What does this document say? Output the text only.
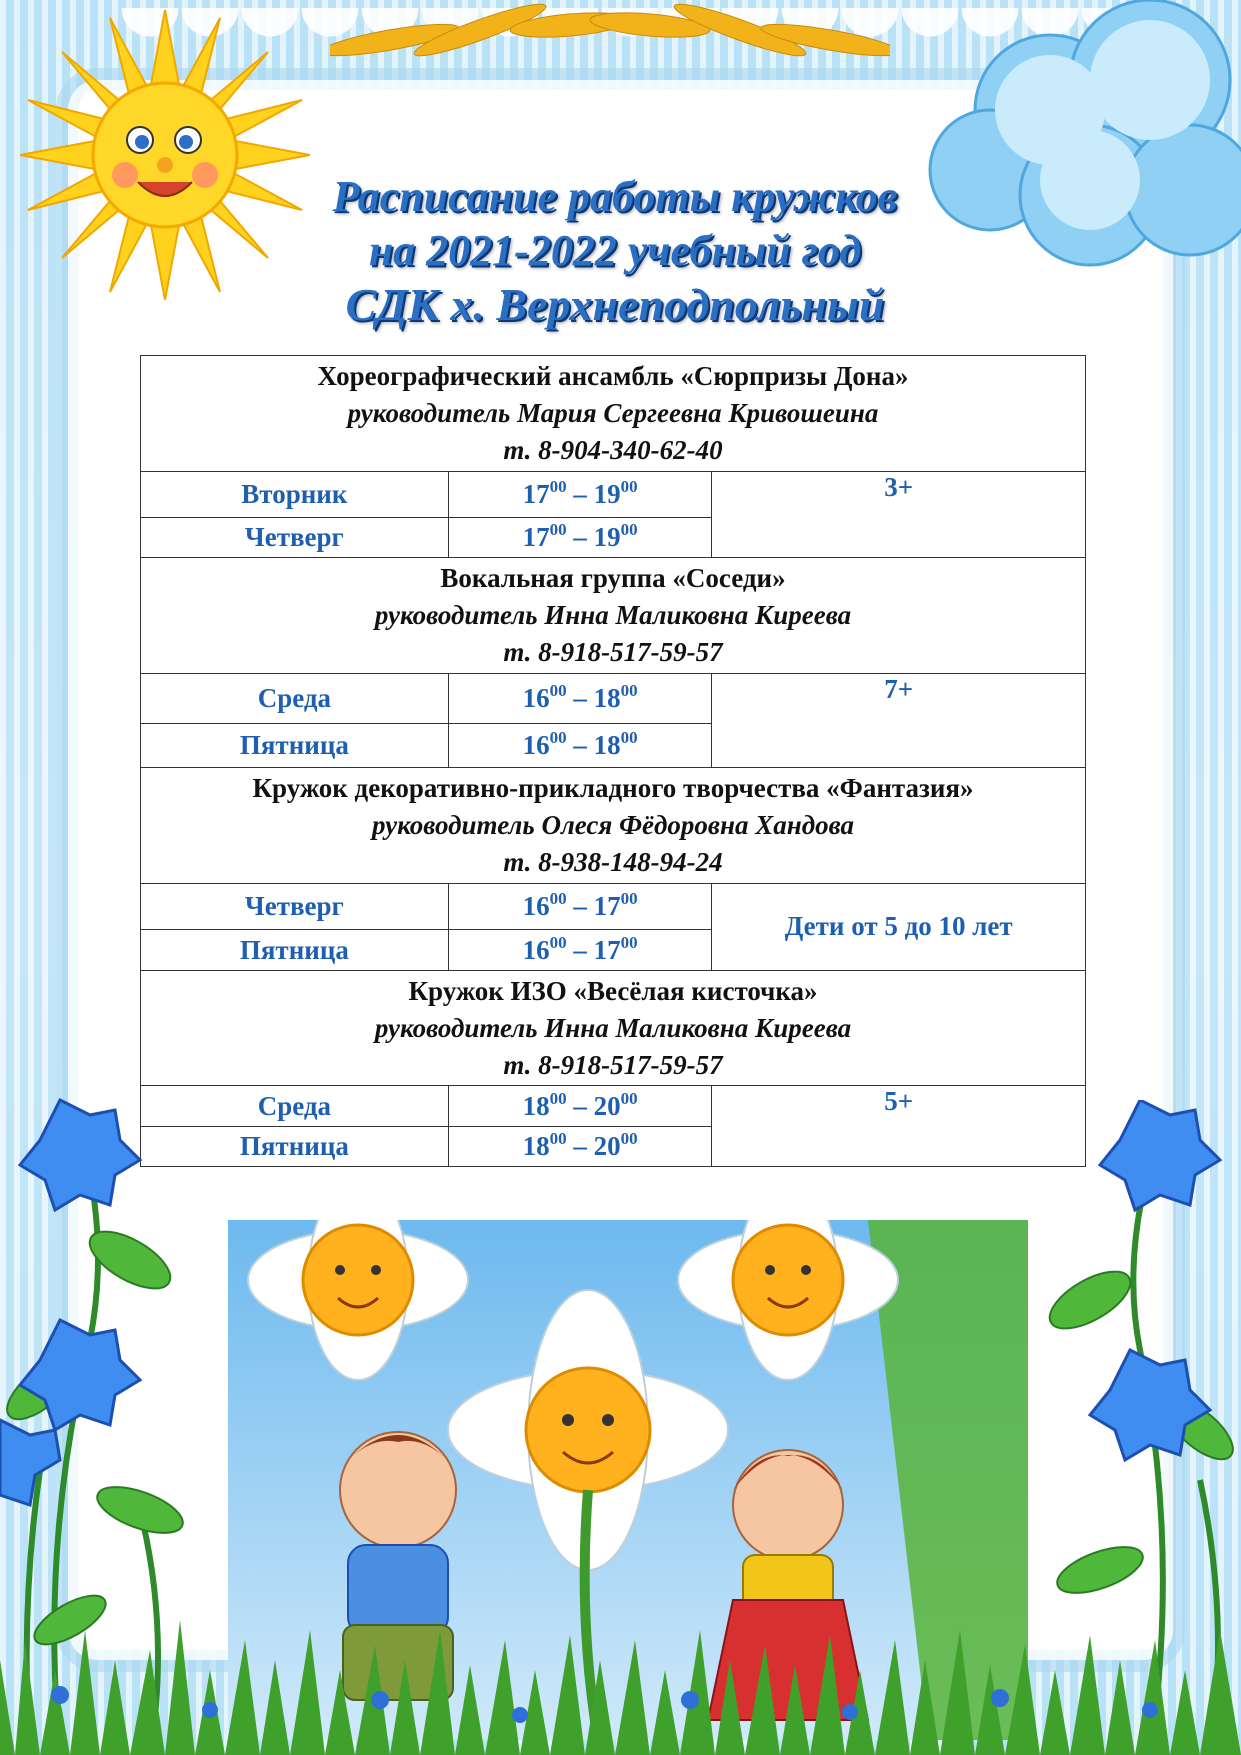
Расписание работы кружков
на 2021-2022 учебный год
СДК х. Верхнеподпольный
Хореографический ансамбль «Сюрпризы Дона»
руководитель Мария Сергеевна Кривошеина
т. 8-904-340-62-40		

Вторник	$17^{00} - 19^{00}$	3+
Четверг	$17^{00} - 19^{00}$

Вокальная группа «Соседи»
руководитель Инна Маликовна Киреева
т. 8-918-517-59-57		

Среда	$16^{00} - 18^{00}$	7+
Пятница	$16^{00} - 18^{00}$

Кружок декоративно-прикладного творчества «Фантазия»
руководитель Олеся Фёдоровна Хандова
т. 8-938-148-94-24		

Четверг	$16^{00} - 17^{00}$	Дети от 5 до 10 лет
Пятница	$16^{00} - 17^{00}$

Кружок ИЗО «Весёлая кисточка»
руководитель Инна Маликовна Киреева
т. 8-918-517-59-57		

Среда	$18^{00} - 20^{00}$	5+
Пятница	$18^{00} - 20^{00}$
